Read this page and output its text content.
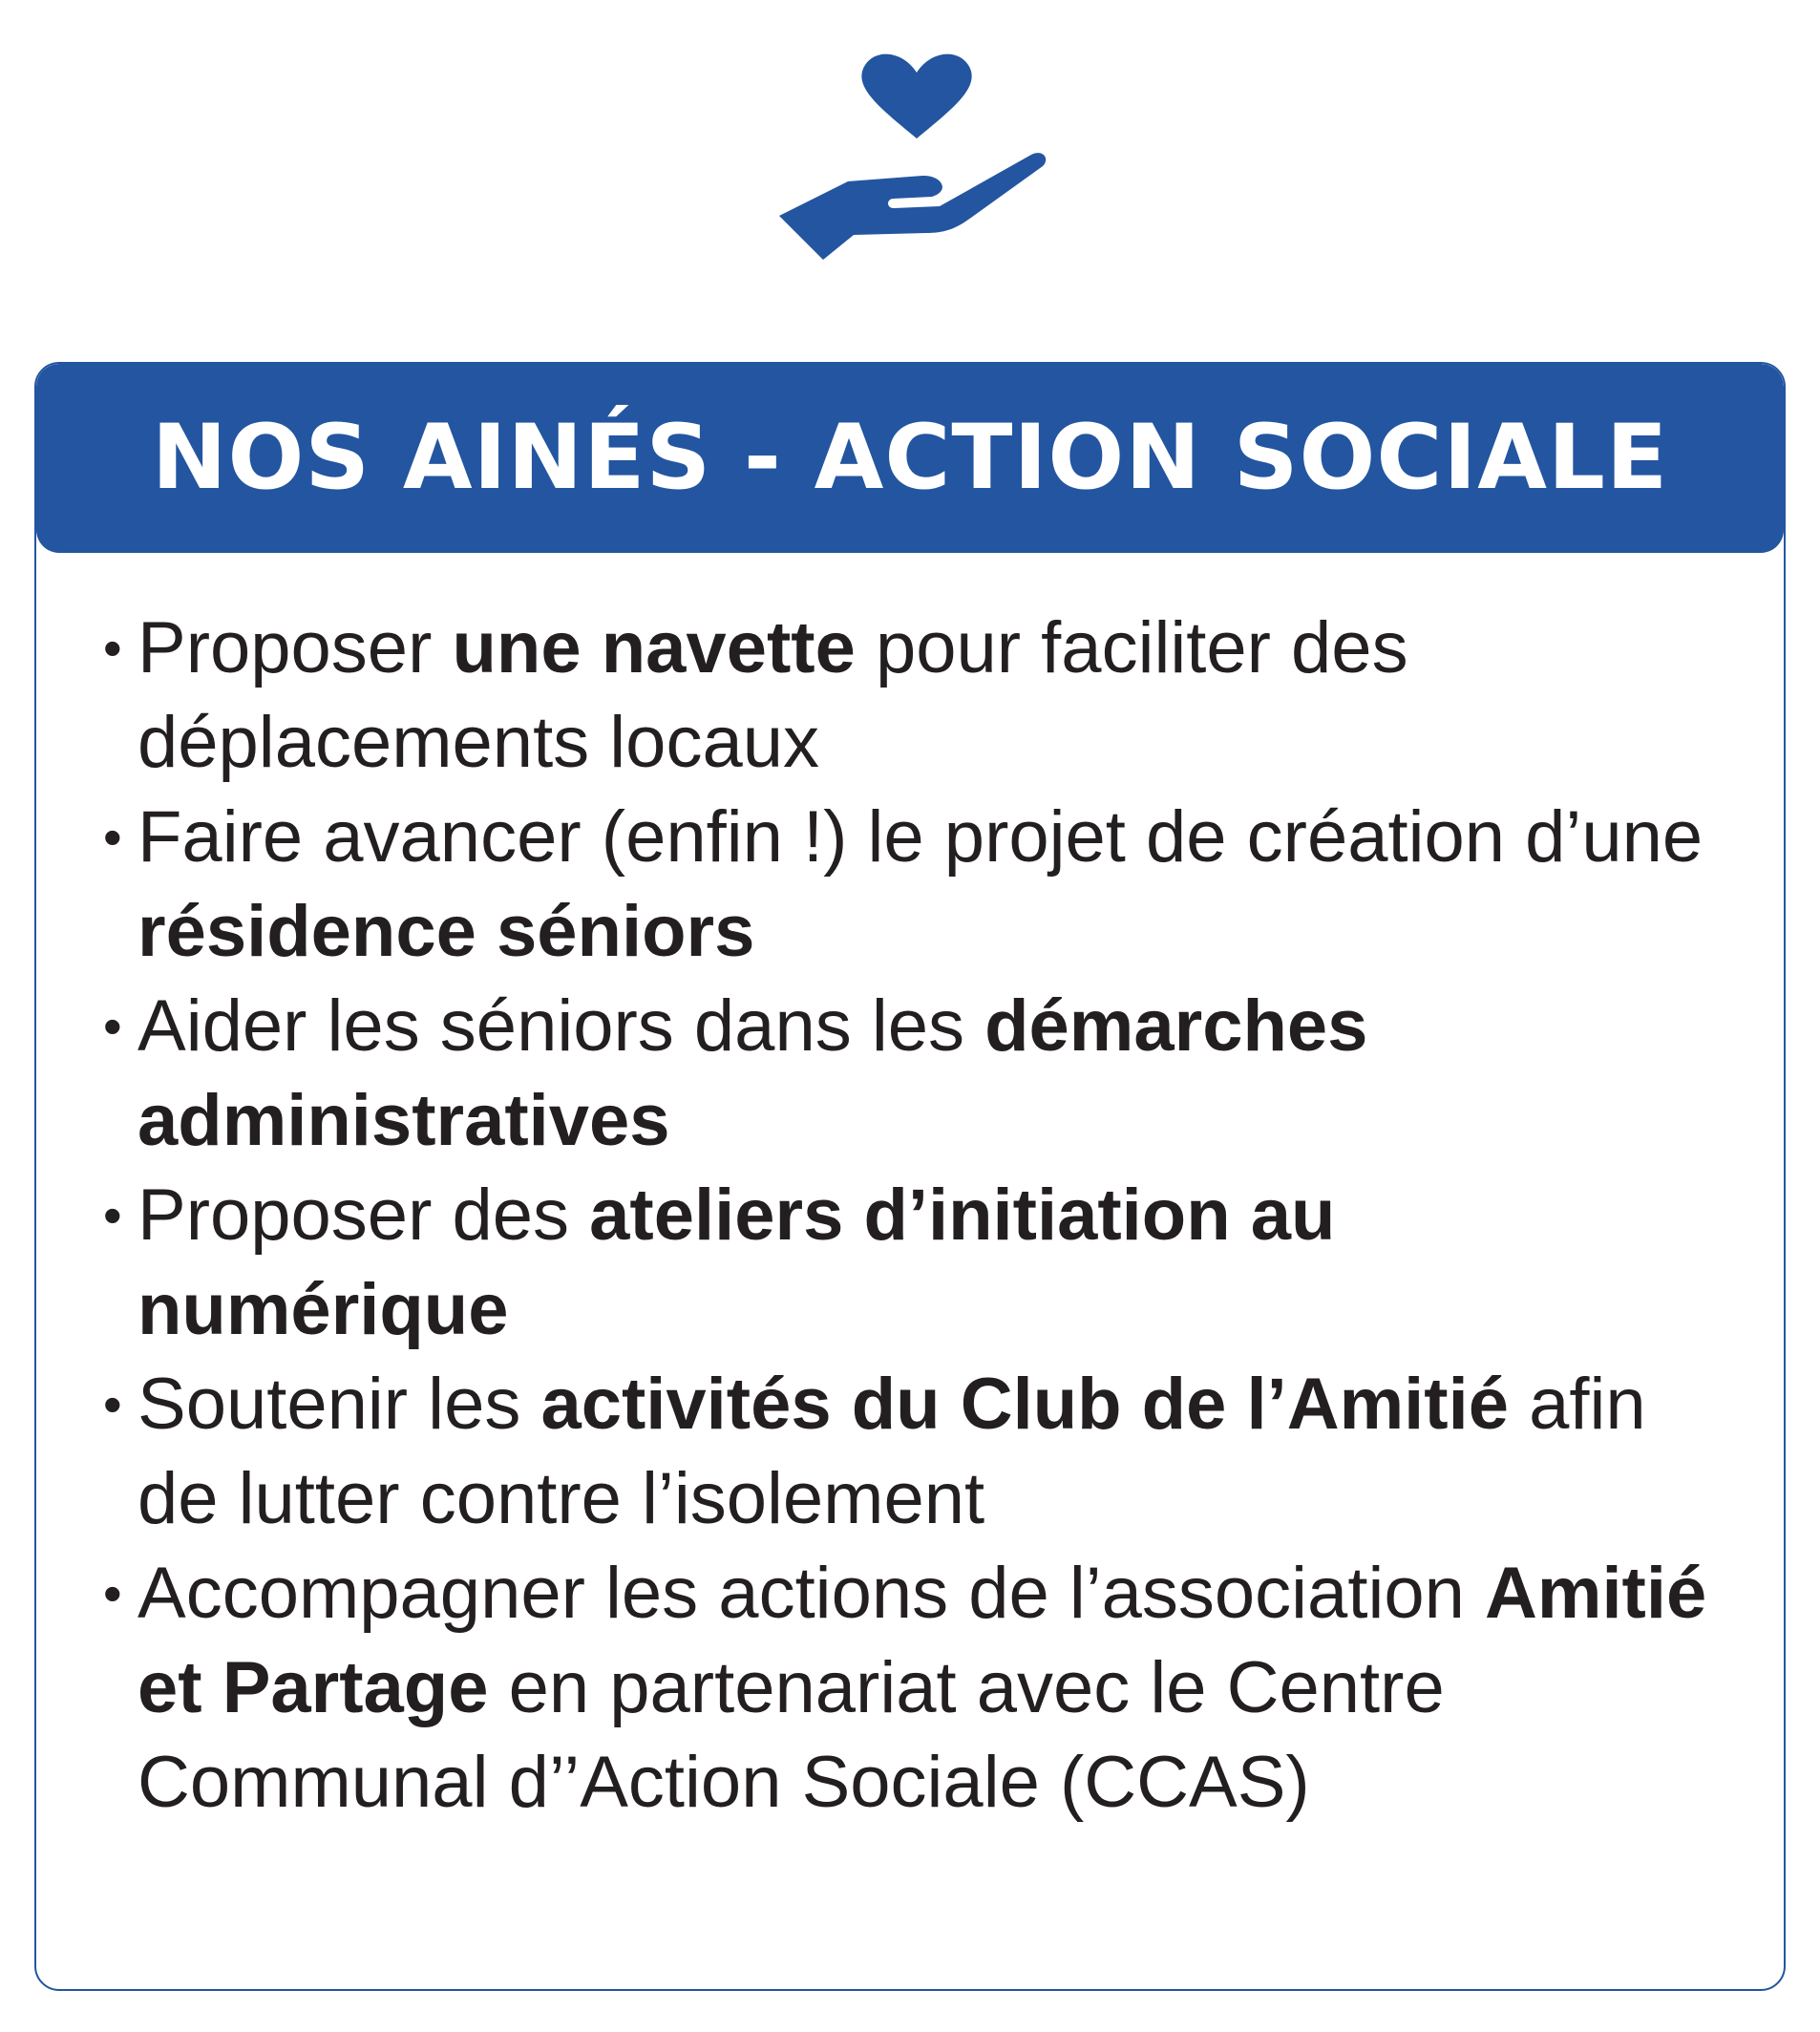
NOS AINÉS - ACTION SOCIALE
• Proposer une navette pour faciliter des déplacements locaux
• Faire avancer (enfin !) le projet de création d’une résidence séniors
• Aider les séniors dans les démarches administratives
• Proposer des ateliers d’initiation au numérique
• Soutenir les activités du Club de l’Amitié afin de lutter contre l’isolement
• Accompagner les actions de l’association Amitié et Partage en partenariat avec le Centre Communal d’’Action Sociale (CCAS)
